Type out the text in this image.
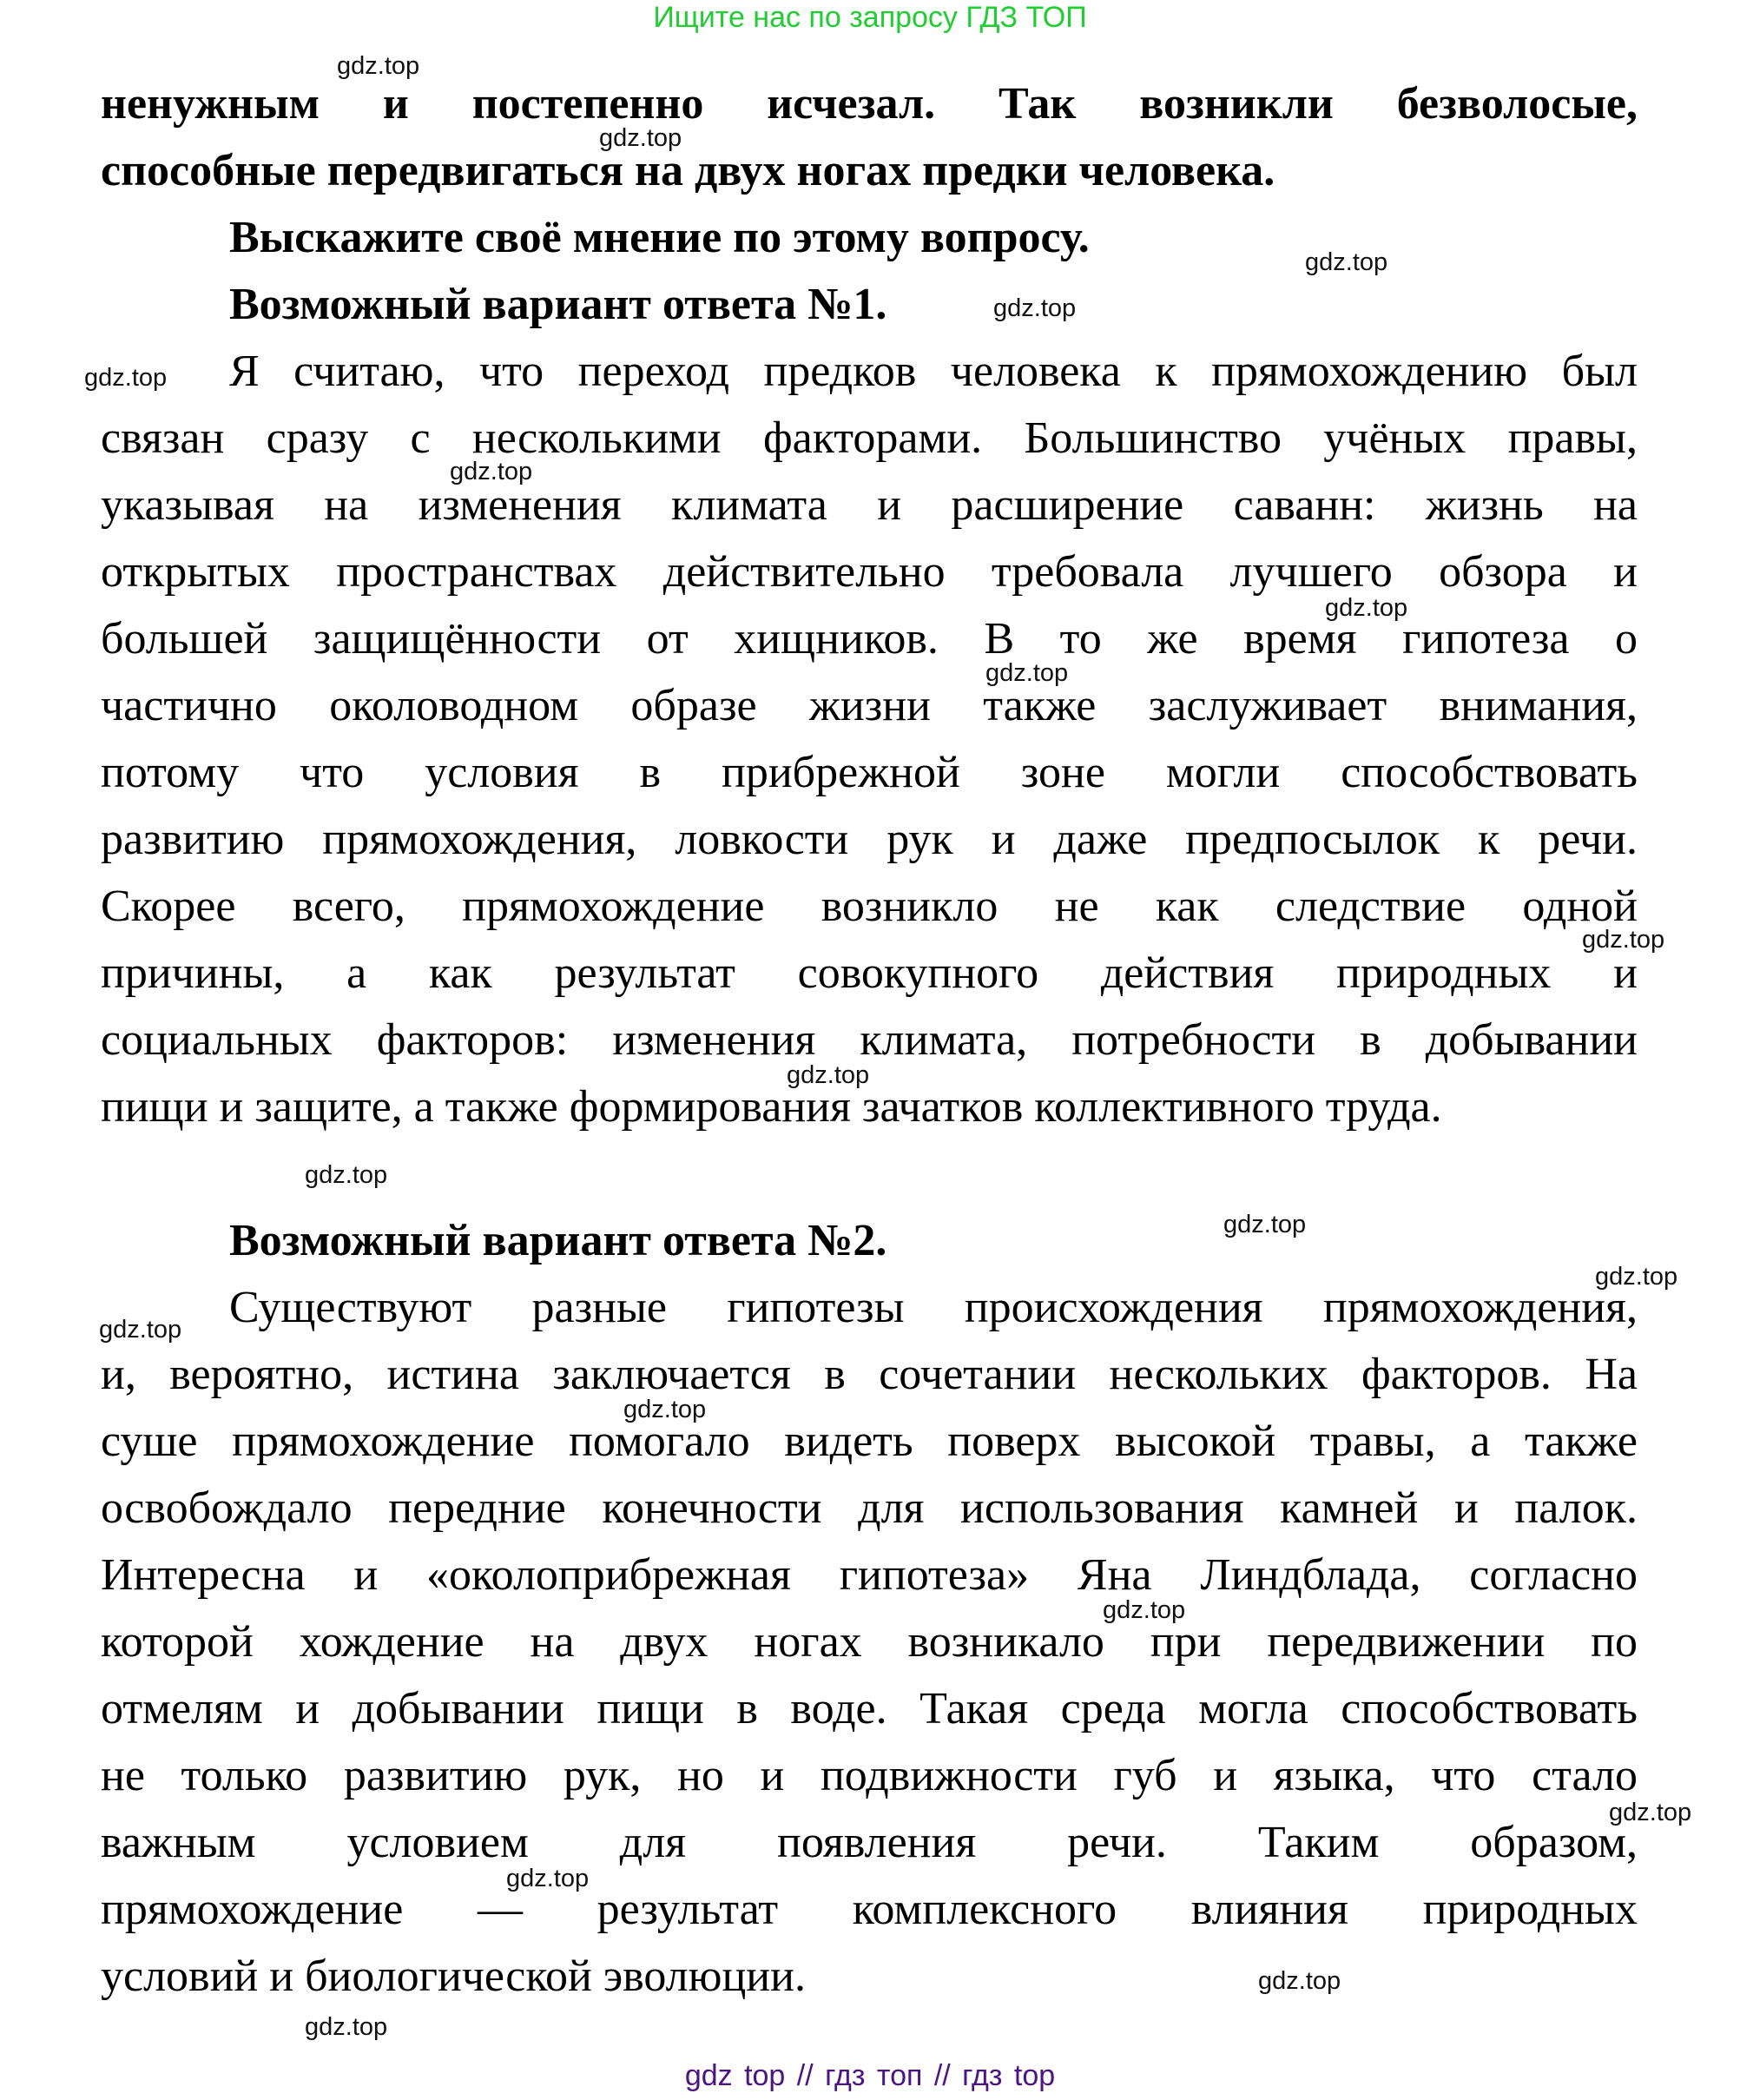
Ищите нас по запросу ГДЗ ТОП
ненужным и постепенно исчезал. Так возникли безволосые,
способные передвигаться на двух ногах предки человека.
Выскажите своё мнение по этому вопросу.
Возможный вариант ответа №1.
Я считаю, что переход предков человека к прямохождению был
связан сразу с несколькими факторами. Большинство учёных правы,
указывая на изменения климата и расширение саванн: жизнь на
открытых пространствах действительно требовала лучшего обзора и
большей защищённости от хищников. В то же время гипотеза о
частично околоводном образе жизни также заслуживает внимания,
потому что условия в прибрежной зоне могли способствовать
развитию прямохождения, ловкости рук и даже предпосылок к речи.
Скорее всего, прямохождение возникло не как следствие одной
причины, а как результат совокупного действия природных и
социальных факторов: изменения климата, потребности в добывании
пищи и защите, а также формирования зачатков коллективного труда.
Возможный вариант ответа №2.
Существуют разные гипотезы происхождения прямохождения,
и, вероятно, истина заключается в сочетании нескольких факторов. На
суше прямохождение помогало видеть поверх высокой травы, а также
освобождало передние конечности для использования камней и палок.
Интересна и «околоприбрежная гипотеза» Яна Линдблада, согласно
которой хождение на двух ногах возникало при передвижении по
отмелям и добывании пищи в воде. Такая среда могла способствовать
не только развитию рук, но и подвижности губ и языка, что стало
важным условием для появления речи. Таким образом,
прямохождение — результат комплексного влияния природных
условий и биологической эволюции.
gdz.top
gdz.top
gdz.top
gdz.top
gdz.top
gdz.top
gdz.top
gdz.top
gdz.top
gdz.top
gdz.top
gdz.top
gdz.top
gdz.top
gdz.top
gdz.top
gdz.top
gdz.top
gdz.top
gdz.top
gdz top // гдз топ // гдз top
